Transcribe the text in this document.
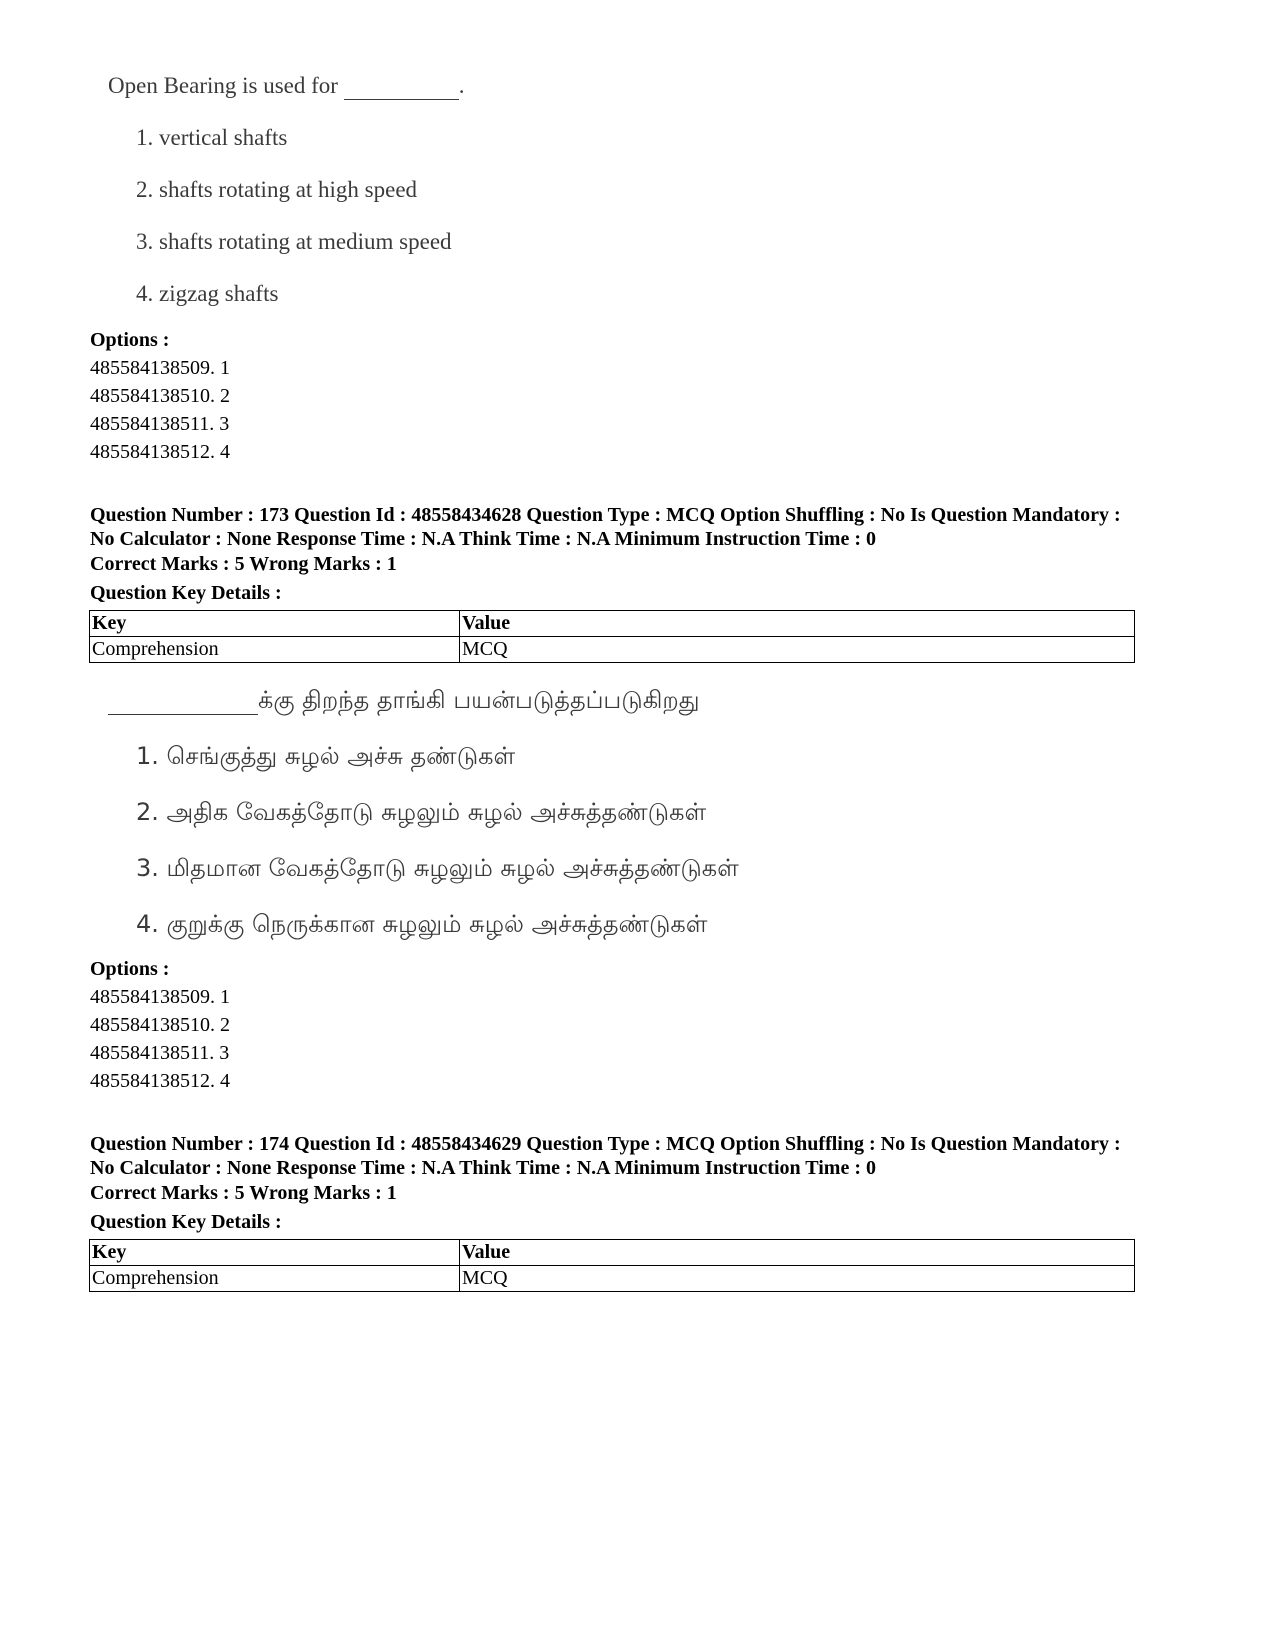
Open Bearing is used for	.
1. vertical shafts
2. shafts rotating at high speed
3. shafts rotating at medium speed
4. zigzag shafts
Options :
485584138509. 1
485584138510. 2
485584138511. 3
485584138512. 4
Question Number : 173 Question Id : 48558434628 Question Type : MCQ Option Shuffling : No Is Question Mandatory :
No Calculator : None Response Time : N.A Think Time : N.A Minimum Instruction Time : 0
Correct Marks : 5 Wrong Marks : 1
Question Key Details :
Key	Value
Comprehension	MCQ
க்கு திறந்த தாங்கி பயன்படுத்தப்படுகிறது
1. செங்குத்து சுழல் அச்சு தண்டுகள்
2. அதிக வேகத்தோடு சுழலும் சுழல் அச்சுத்தண்டுகள்
3. மிதமான வேகத்தோடு சுழலும் சுழல் அச்சுத்தண்டுகள்
4. குறுக்கு நெருக்கான சுழலும் சுழல் அச்சுத்தண்டுகள்
Options :
485584138509. 1
485584138510. 2
485584138511. 3
485584138512. 4
Question Number : 174 Question Id : 48558434629 Question Type : MCQ Option Shuffling : No Is Question Mandatory :
No Calculator : None Response Time : N.A Think Time : N.A Minimum Instruction Time : 0
Correct Marks : 5 Wrong Marks : 1
Question Key Details :
Key	Value
Comprehension	MCQ
